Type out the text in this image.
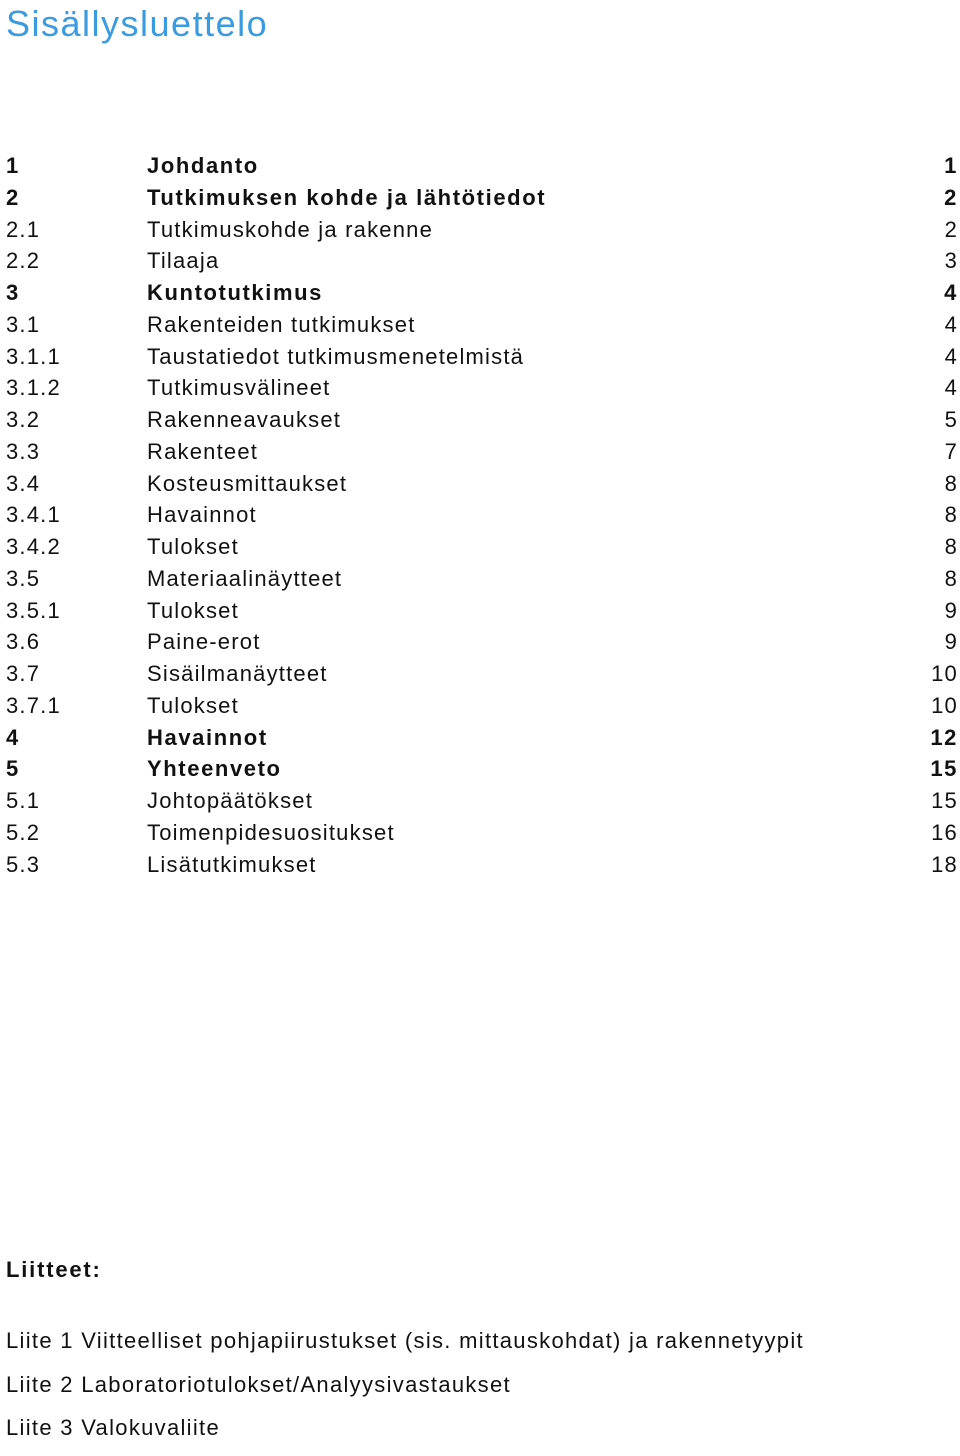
Sisällysluettelo
1	Johdanto	1
2	Tutkimuksen kohde ja lähtötiedot	2
2.1	Tutkimuskohde ja rakenne	2
2.2	Tilaaja	3
3	Kuntotutkimus	4
3.1	Rakenteiden tutkimukset	4
3.1.1	Taustatiedot tutkimusmenetelmistä	4
3.1.2	Tutkimusvälineet	4
3.2	Rakenneavaukset	5
3.3	Rakenteet	7
3.4	Kosteusmittaukset	8
3.4.1	Havainnot	8
3.4.2	Tulokset	8
3.5	Materiaalinäytteet	8
3.5.1	Tulokset	9
3.6	Paine-erot	9
3.7	Sisäilmanäytteet	10
3.7.1	Tulokset	10
4	Havainnot	12
5	Yhteenveto	15
5.1	Johtopäätökset	15
5.2	Toimenpidesuositukset	16
5.3	Lisätutkimukset	18
Liitteet:
Liite 1 Viitteelliset pohjapiirustukset (sis. mittauskohdat) ja rakennetyypit
Liite 2 Laboratoriotulokset/Analyysivastaukset
Liite 3 Valokuvaliite
